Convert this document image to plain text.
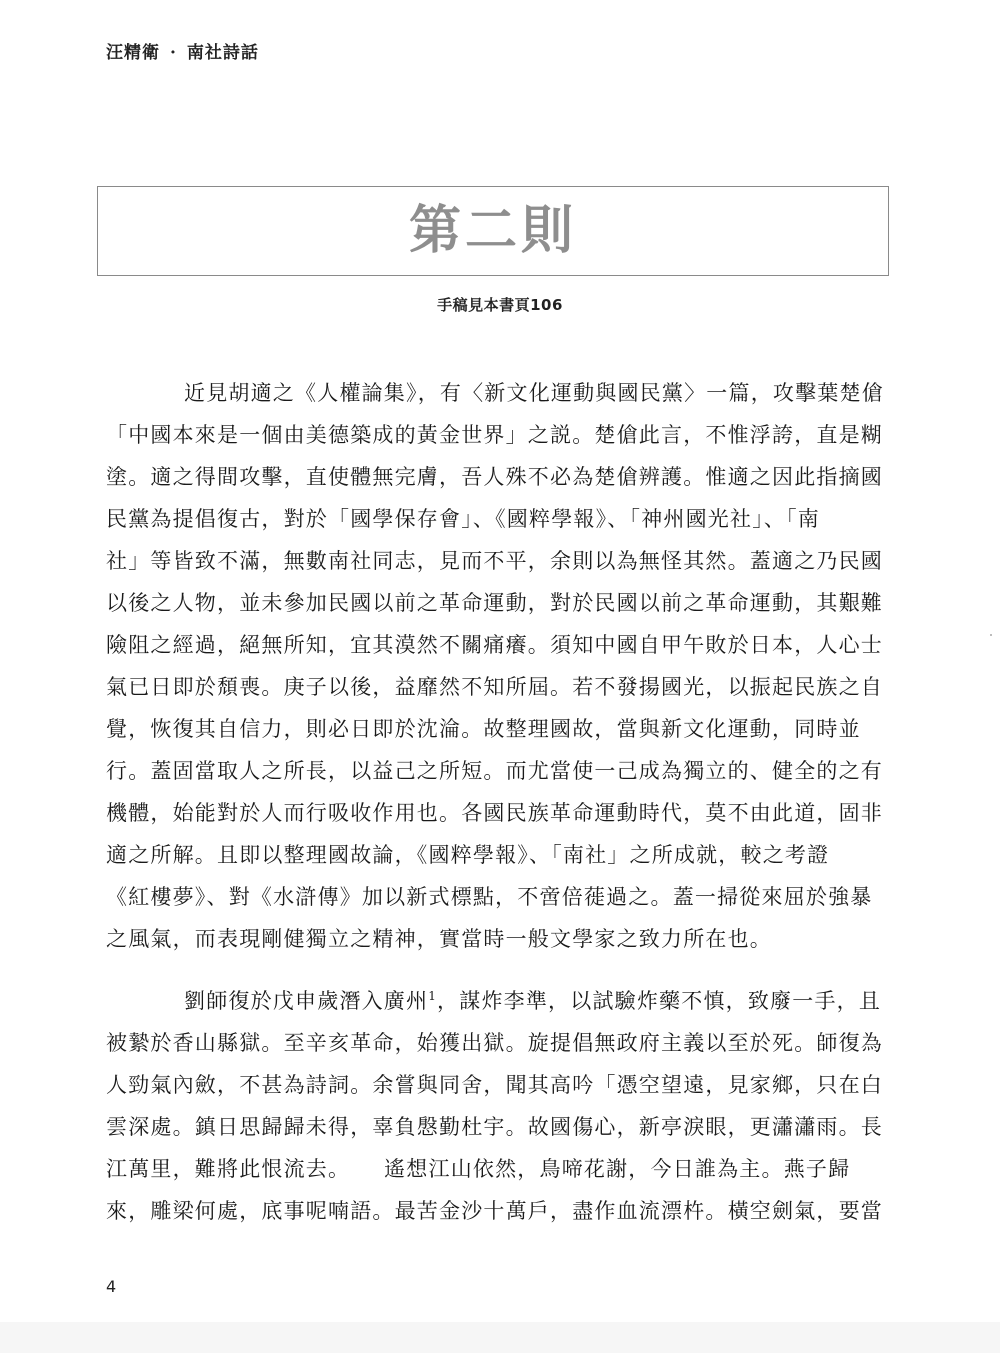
汪精衛 · 南社詩話
第二則
手稿見本書頁106
近見胡適之《人權論集》，有〈新文化運動與國民黨〉一篇，攻擊葉楚傖
「中國本來是一個由美德築成的黃金世界」之説。楚傖此言，不惟浮誇，直是糊
塗。適之得間攻擊，直使體無完膚，吾人殊不必為楚傖辨護。惟適之因此指摘國
民黨為提倡復古，對於「國學保存會」、《國粹學報》、「神州國光社」、「南
社」等皆致不滿，無數南社同志，見而不平，余則以為無怪其然。蓋適之乃民國
以後之人物，並未參加民國以前之革命運動，對於民國以前之革命運動，其艱難
險阻之經過，絕無所知，宜其漠然不關痛癢。須知中國自甲午敗於日本，人心士
氣已日即於頹喪。庚子以後，益靡然不知所屆。若不發揚國光，以振起民族之自
覺，恢復其自信力，則必日即於沈淪。故整理國故，當與新文化運動，同時並
行。蓋固當取人之所長，以益己之所短。而尤當使一己成為獨立的、健全的之有
機體，始能對於人而行吸收作用也。各國民族革命運動時代，莫不由此道，固非
適之所解。且即以整理國故論，《國粹學報》、「南社」之所成就，較之考證
《紅樓夢》、對《水滸傳》加以新式標點，不啻倍蓰過之。蓋一掃從來屈於強暴
之風氣，而表現剛健獨立之精神，實當時一般文學家之致力所在也。
劉師復於戊申歲潛入廣州$^1$，謀炸李準，以試驗炸藥不慎，致廢一手，且
被縶於香山縣獄。至辛亥革命，始獲出獄。旋提倡無政府主義以至於死。師復為
人勁氣內斂，不甚為詩詞。余嘗與同舍，聞其高吟「憑空望遠，見家鄉，只在白
雲深處。鎮日思歸歸未得，辜負慇勤杜宇。故國傷心，新亭淚眼，更瀟瀟雨。長
江萬里，難將此恨流去。　　遙想江山依然，鳥啼花謝，今日誰為主。燕子歸
來，雕梁何處，底事呢喃語。最苦金沙十萬戶，盡作血流漂杵。橫空劍氣，要當
4
